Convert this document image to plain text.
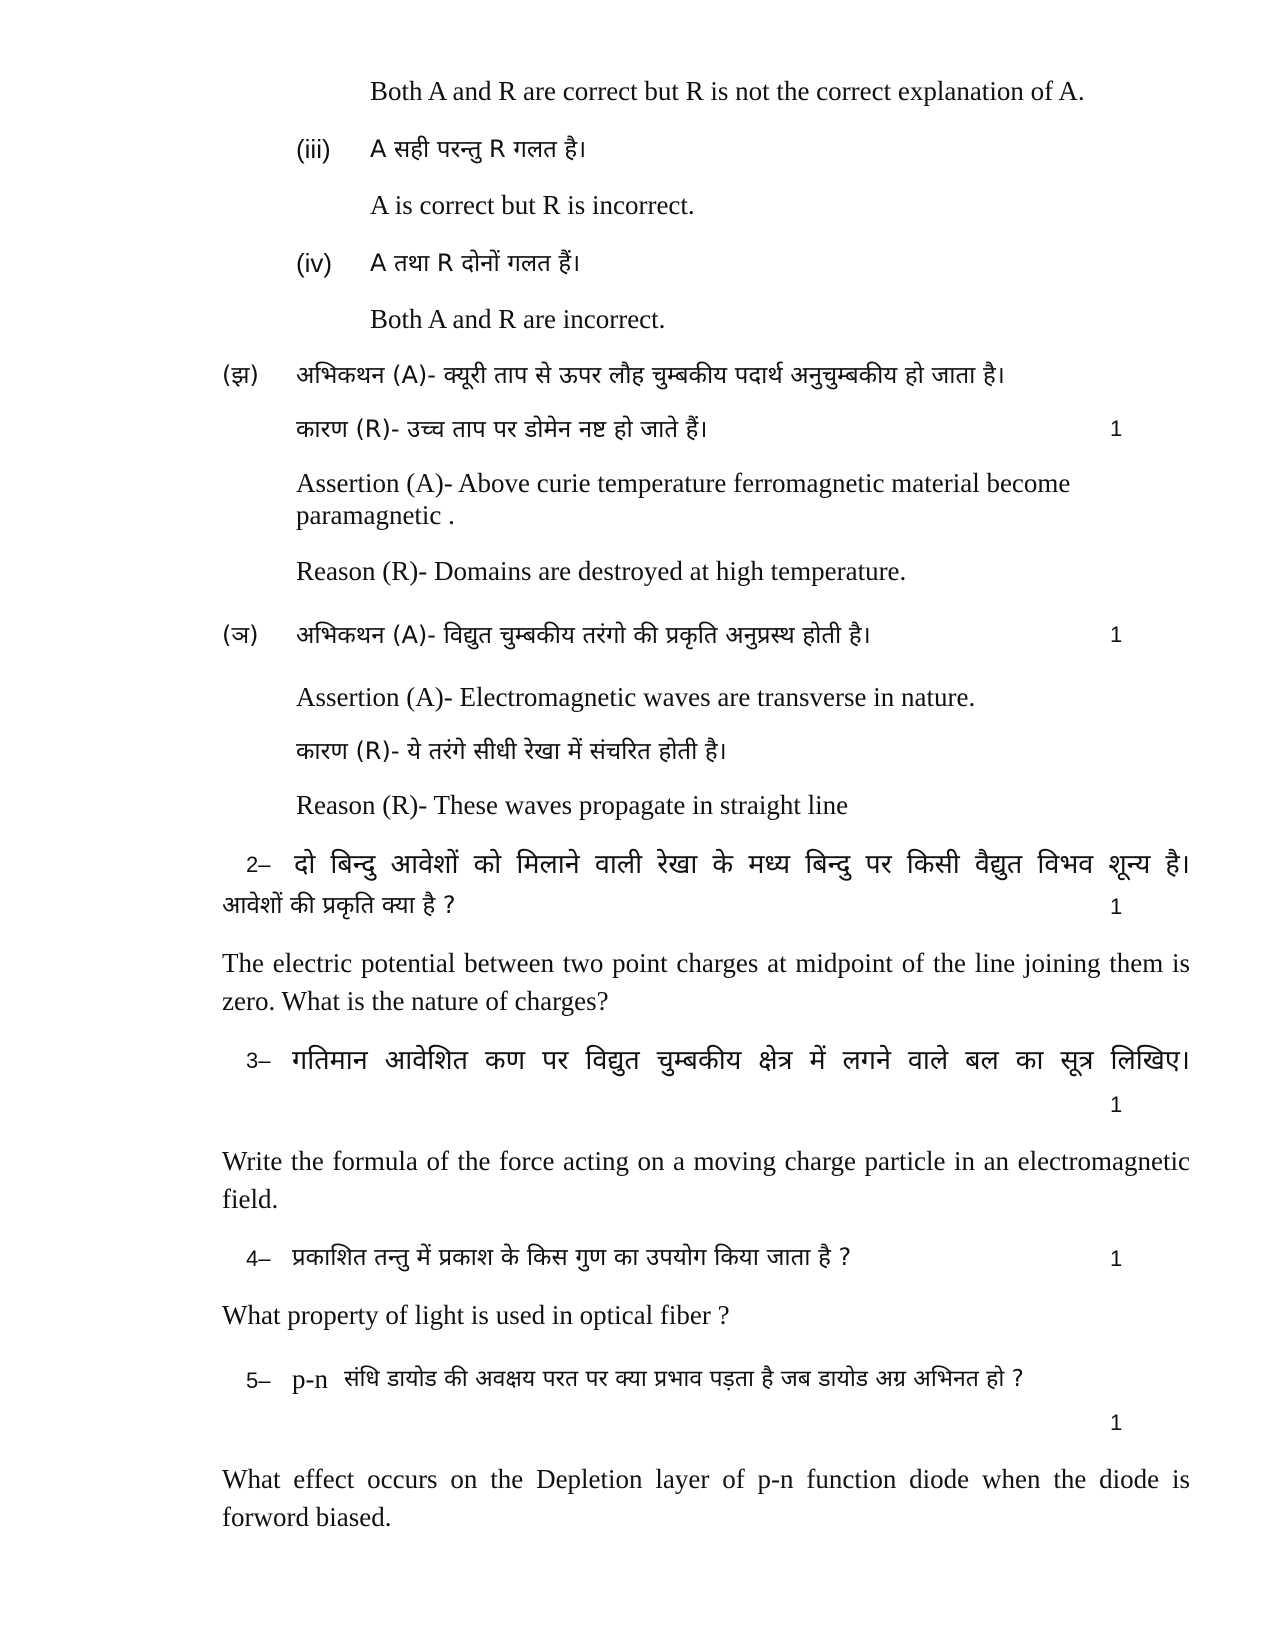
Both A and R are correct but R is not the correct explanation of A.
(iii) A सही परन्तु R गलत है।
A is correct but R is incorrect.
(iv) A तथा R दोनों गलत हैं।
Both A and R are incorrect.
(झ) अभिकथन (A)- क्यूरी ताप से ऊपर लौह चुम्बकीय पदार्थ अनुचुम्बकीय हो जाता है।
कारण (R)- उच्च ताप पर डोमेन नष्ट हो जाते हैं।	1
Assertion (A)- Above curie temperature ferromagnetic material become
paramagnetic .
Reason (R)- Domains are destroyed at high temperature.
(ञ) अभिकथन (A)- विद्युत चुम्बकीय तरंगो की प्रकृति अनुप्रस्थ होती है।	1
Assertion (A)- Electromagnetic waves are transverse in nature.
कारण (R)- ये तरंगे सीधी रेखा में संचरित होती है।
Reason (R)- These waves propagate in straight line
2– दो बिन्दु आवेशों को मिलाने वाली रेखा के मध्य बिन्दु पर किसी वैद्युत विभव शून्य है।
आवेशों की प्रकृति क्या है ?	1
The electric potential between two point charges at midpoint of the line joining them is zero. What is the nature of charges?
3– गतिमान आवेशित कण पर विद्युत चुम्बकीय क्षेत्र में लगने वाले बल का सूत्र लिखिए।
1
Write the formula of the force acting on a moving charge particle in an electromagnetic field.
4– प्रकाशित तन्तु में प्रकाश के किस गुण का उपयोग किया जाता है ?	1
What property of light is used in optical fiber ?
5– p-n संधि डायोड की अवक्षय परत पर क्या प्रभाव पड़ता है जब डायोड अग्र अभिनत हो ?
1
What effect occurs on the Depletion layer of p-n function diode when the diode is forword biased.
